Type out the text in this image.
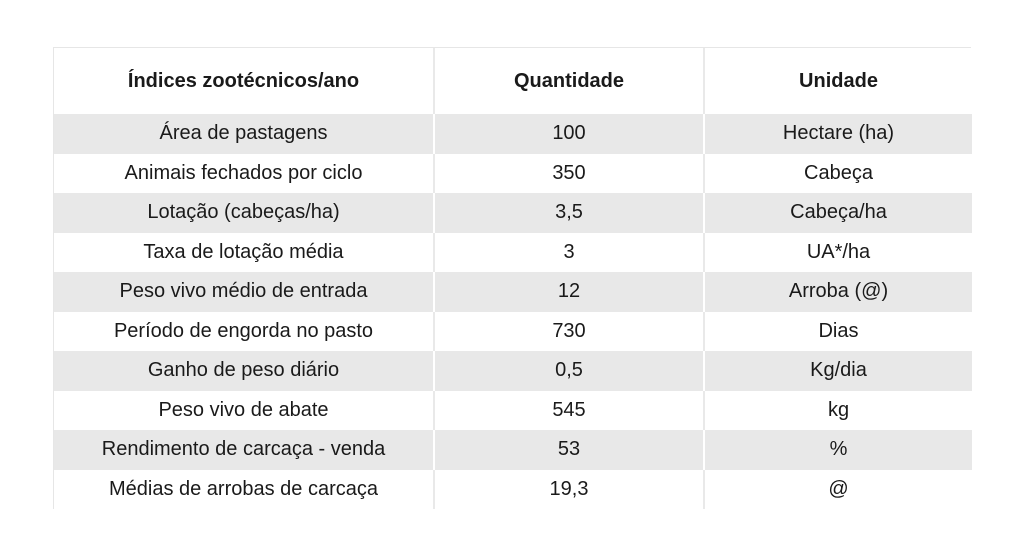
Índices zootécnicos/ano	Quantidade	Unidade
Área de pastagens	100	Hectare (ha)
Animais fechados por ciclo	350	Cabeça
Lotação (cabeças/ha)	3,5	Cabeça/ha
Taxa de lotação média	3	UA*/ha
Peso vivo médio de entrada	12	Arroba (@)
Período de engorda no pasto	730	Dias
Ganho de peso diário	0,5	Kg/dia
Peso vivo de abate	545	kg
Rendimento de carcaça - venda	53	%
Médias de arrobas de carcaça	19,3	@
